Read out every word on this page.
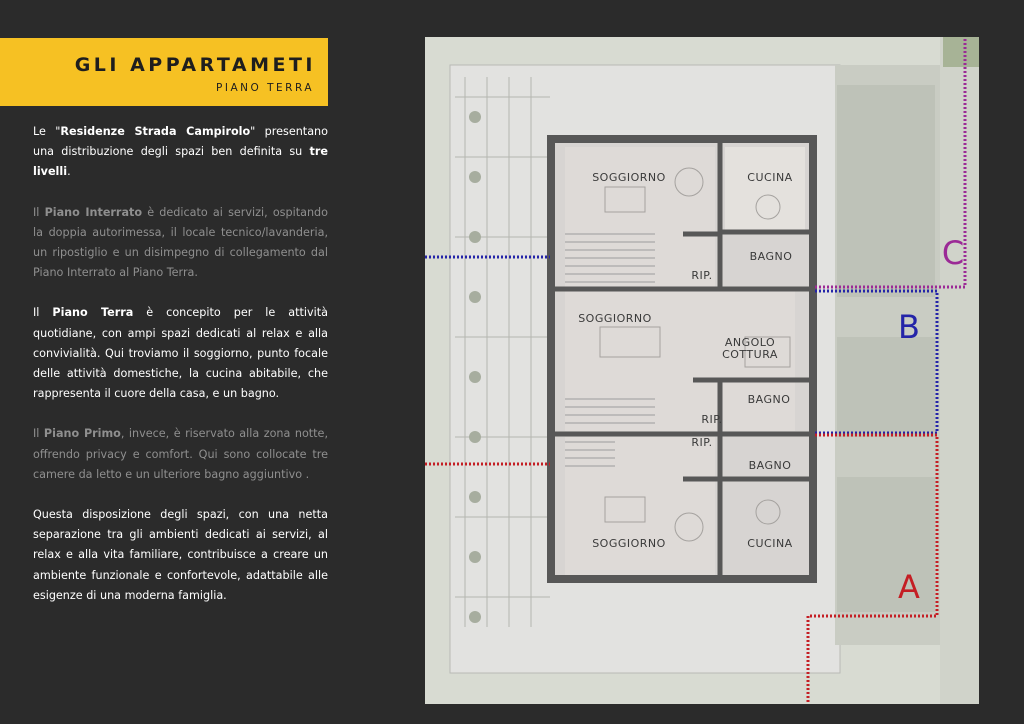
GLI APPARTAMETI
PIANO TERRA

Le "Residenze Strada Campirolo" presentano una distribuzione degli spazi ben definita su tre livelli.

Il Piano Interrato è dedicato ai servizi, ospitando la doppia autorimessa, il locale tecnico/lavanderia, un ripostiglio e un disimpegno di collegamento dal Piano Interrato al Piano Terra.

Il Piano Terra è concepito per le attività quotidiane, con ampi spazi dedicati al relax e alla convivialità. Qui troviamo il soggiorno, punto focale delle attività domestiche, la cucina abitabile, che rappresenta il cuore della casa, e un bagno.

Il Piano Primo, invece, è riservato alla zona notte, offrendo privacy e comfort. Qui sono collocate tre camere da letto e un ulteriore bagno aggiuntivo .

Questa disposizione degli spazi, con una netta separazione tra gli ambienti dedicati ai servizi, al relax e alla vita familiare, contribuisce a creare un ambiente funzionale e confortevole, adattabile alle esigenze di una moderna famiglia.

SOGGIORNO	CUCINA
BAGNO
RIP.
SOGGIORNO
ANGOLO
COTTURA
BAGNO
RIP.
RIP.
BAGNO
SOGGIORNO	CUCINA
C
B
A
